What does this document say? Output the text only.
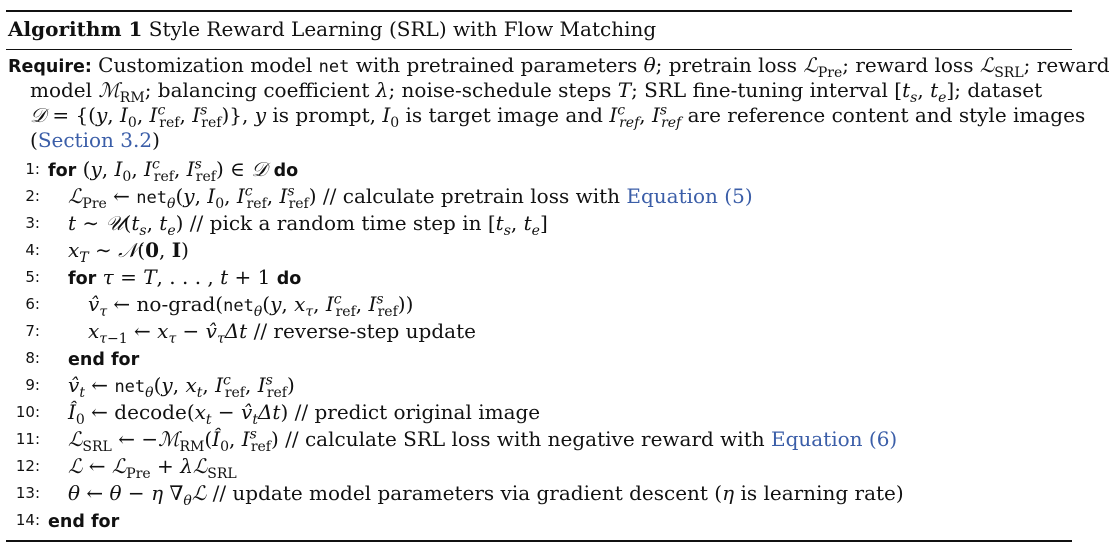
Algorithm 1 Style Reward Learning (SRL) with Flow Matching
Require: Customization model net with pretrained parameters θ; pretrain loss ℒ$_{Pre}$; reward loss ℒ$_{SRL}$; reward
model ℳ$_{RM}$; balancing coefficient λ; noise-schedule steps T; SRL fine-tuning interval [$t_s$, $t_e$]; dataset
𝒟 = {(y, $I_0$, $I^c_{ref}$, $I^s_{ref}$)}, y is prompt, $I_0$ is target image and $I^c_{ref}$, $I^s_{ref}$ are reference content and style images
(Section 3.2)
1: for (y, $I_0$, $I^c_{ref}$, $I^s_{ref}$) ∈ 𝒟 do
2: ℒ$_{Pre}$ ← net$_\theta$(y, $I_0$, $I^c_{ref}$, $I^s_{ref}$) // calculate pretrain loss with Equation (5)
3: t ∼ $𝒰(t_s$, $t_e$) // pick a random time step in [$t_s$, $t_e$]
4: $x_T$ ∼ 𝒩(0, I)
5: for τ = T, . . . , t + 1 do
6: $v̂_\tau$ ← no-grad(net$_\theta$(y, $x_\tau$, $I^c_{ref}$, $I^s_{ref}$))
7: $x_{\tau-1}$ ← $x_\tau$ − $v̂_\tau\Delta t$ // reverse-step update
8: end for
9: $v̂_t$ ← net$_\theta$(y, $x_t$, $I^c_{ref}$, $I^s_{ref}$)
10: $Î_0$ ← $decode(x_t$ − $v̂_t\Delta t$) // predict original image
11: ℒ$_{SRL}$ ← $-ℳ_{RM}(Î_0$, $I^s_{ref}$) // calculate SRL loss with negative reward with Equation (6)
12: ℒ ← ℒ$_{Pre}$ + λℒ$_{SRL}$
13: θ ← θ − η $\nabla_\theta ℒ$ // update model parameters via gradient descent (η is learning rate)
14: end for
